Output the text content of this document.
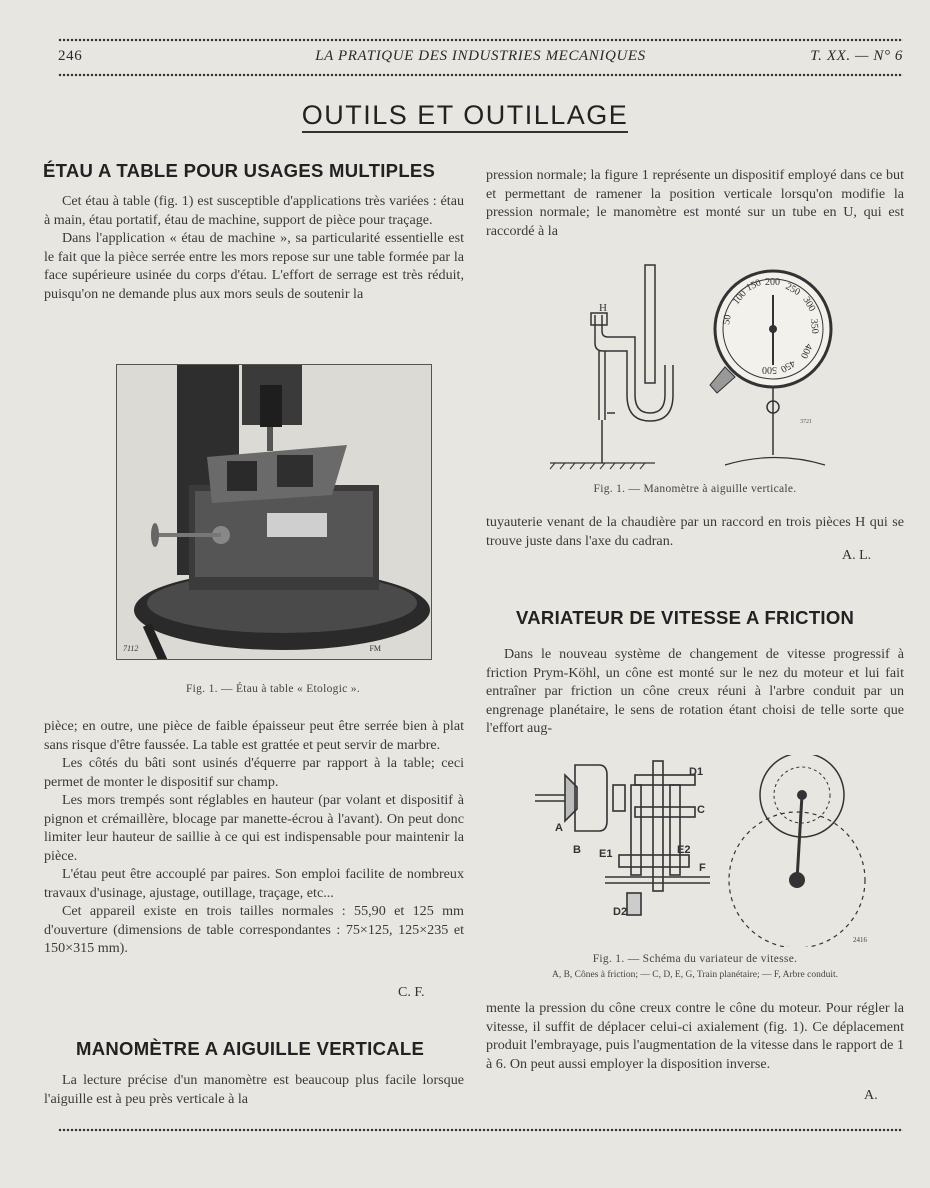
246	LA PRATIQUE DES INDUSTRIES MECANIQUES	T. XX. — N° 6
OUTILS ET OUTILLAGE
ÉTAU A TABLE POUR USAGES MULTIPLES

Cet étau à table (fig. 1) est susceptible d'applications très variées : étau à main, étau portatif, étau de machine, support de pièce pour traçage.

Dans l'application « étau de machine », sa particularité essentielle est le fait que la pièce serrée entre les mors repose sur une table formée par la face supérieure usinée du corps d'étau. L'effort de serrage est très réduit, puisqu'on ne demande plus aux mors seuls de soutenir la

7112	FM
Fig. 1. — Étau à table « Etologic ».

pièce; en outre, une pièce de faible épaisseur peut être serrée bien à plat sans risque d'être faussée. La table est grattée et peut servir de marbre.

Les côtés du bâti sont usinés d'équerre par rapport à la table; ceci permet de monter le dispositif sur champ.

Les mors trempés sont réglables en hauteur (par volant et dispositif à pignon et crémaillère, blocage par manette-écrou à l'avant). On peut donc limiter leur hauteur de saillie à ce qui est indispensable pour maintenir la pièce.

L'étau peut être accouplé par paires. Son emploi facilite de nombreux travaux d'usinage, ajustage, outillage, traçage, etc...

Cet appareil existe en trois tailles normales : 55,90 et 125 mm d'ouverture (dimensions de table correspondantes : 75×125, 125×235 et 150×315 mm).

C. F.
MANOMÈTRE A AIGUILLE VERTICALE

La lecture précise d'un manomètre est beaucoup plus facile lorsque l'aiguille est à peu près verticale à la

pression normale; la figure 1 représente un dispositif employé dans ce but et permettant de ramener la position verticale lorsqu'on modifie la pression normale; le manomètre est monté sur un tube en U, qui est raccordé à la

50
100
150 200 250
300
350
400
450
500
H
3721
Fig. 1. — Manomètre à aiguille verticale.

tuyauterie venant de la chaudière par un raccord en trois pièces H qui se trouve juste dans l'axe du cadran.

A. L.
VARIATEUR DE VITESSE A FRICTION

Dans le nouveau système de changement de vitesse progressif à friction Prym-Köhl, un cône est monté sur le nez du moteur et lui fait entraîner par friction un cône creux réuni à l'arbre conduit par un engrenage planétaire, le sens de rotation étant choisi de telle sorte que l'effort aug-

A
B
C
D1
D2
E1	E2
F
2416
Fig. 1. — Schéma du variateur de vitesse.
A, B, Cônes à friction; — C, D, E, G, Train planétaire; — F, Arbre conduit.

mente la pression du cône creux contre le cône du moteur. Pour régler la vitesse, il suffit de déplacer celui-ci axialement (fig. 1). Ce déplacement produit l'embrayage, puis l'augmentation de la vitesse dans le rapport de 1 à 6. On peut aussi employer la disposition inverse.

A.
